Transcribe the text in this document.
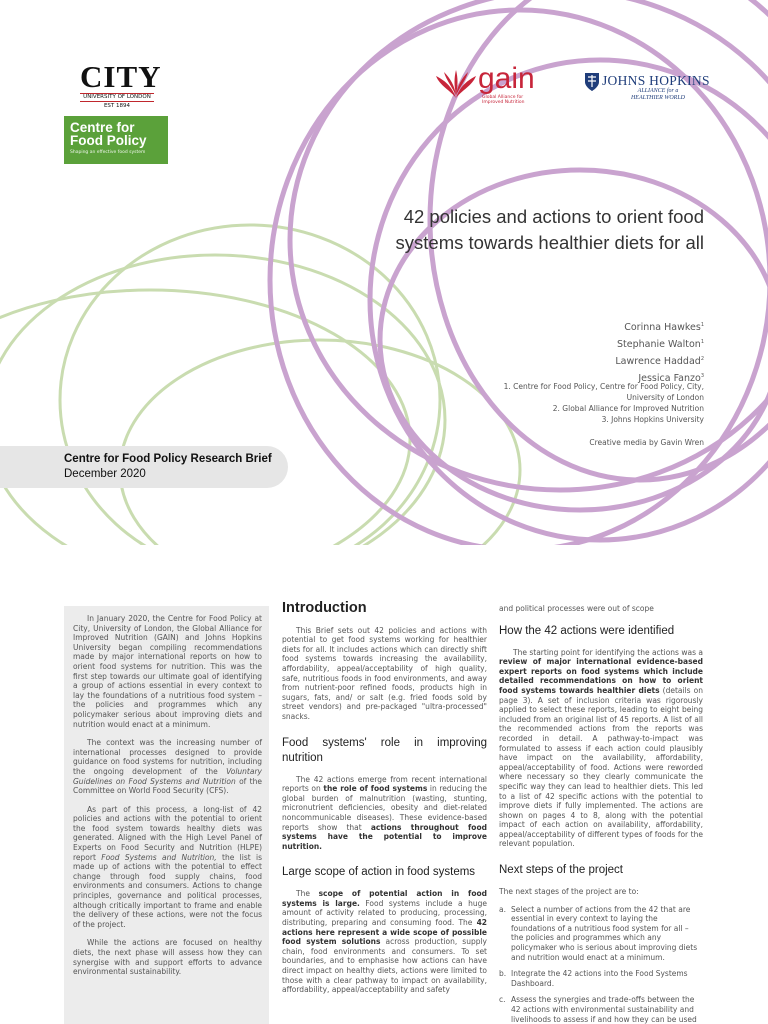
CITY
UNIVERSITY OF LONDON
EST 1894
Centre for
Food Policy
Shaping an effective food system
gain
Global Alliance for
Improved Nutrition
JOHNS HOPKINS
ALLIANCE for a
HEALTHIER WORLD
42 policies and actions to orient food
systems towards healthier diets for all
Corinna Hawkes$^1$
Stephanie Walton$^1$
Lawrence Haddad$^2$
Jessica Fanzo$^3$
1. Centre for Food Policy, Centre for Food Policy, City,
University of London
2. Global Alliance for Improved Nutrition
3. Johns Hopkins University
Creative media by Gavin Wren
Centre for Food Policy Research Brief
December 2020

In January 2020, the Centre for Food Policy at City, University of London, the Global Alliance for Improved Nutrition (GAIN) and Johns Hopkins University began compiling recommendations made by major international reports on how to orient food systems for nutrition. This was the first step towards our ultimate goal of identifying a group of actions essential in every context to lay the foundations of a nutritious food system – the policies and programmes which any policymaker serious about improving diets and nutrition would enact at a minimum.

The context was the increasing number of international processes designed to provide guidance on food systems for nutrition, including the ongoing development of the Voluntary Guidelines on Food Systems and Nutrition of the Committee on World Food Security (CFS).

As part of this process, a long-list of 42 policies and actions with the potential to orient the food system towards healthy diets was generated. Aligned with the High Level Panel of Experts on Food Security and Nutrition (HLPE) report Food Systems and Nutrition, the list is made up of actions with the potential to effect change through food supply chains, food environments and consumers. Actions to change principles, governance and political processes, although critically important to frame and enable the delivery of these actions, were not the focus of the project.

While the actions are focused on healthy diets, the next phase will assess how they can synergise with and support efforts to advance environmental sustainability.

Introduction

This Brief sets out 42 policies and actions with potential to get food systems working for healthier diets for all. It includes actions which can directly shift food systems towards increasing the availability, affordability, appeal/acceptability of high quality, safe, nutritious foods in food environments, and away from nutrient-poor refined foods, products high in sugars, fats, and/ or salt (e.g. fried foods sold by street vendors) and pre-packaged "ultra-processed" snacks.

Food systems' role in improving nutrition

The 42 actions emerge from recent international reports on the role of food systems in reducing the global burden of malnutrition (wasting, stunting, micronutrient deficiencies, obesity and diet-related noncommunicable diseases). These evidence-based reports show that actions throughout food systems have the potential to improve nutrition.

Large scope of action in food systems

The scope of potential action in food systems is large. Food systems include a huge amount of activity related to producing, processing, distributing, preparing and consuming food. The 42 actions here represent a wide scope of possible food system solutions across production, supply chain, food environments and consumers. To set boundaries, and to emphasise how actions can have direct impact on healthy diets, actions were limited to those with a clear pathway to impact on availability, affordability, appeal/acceptability and safety

and political processes were out of scope

How the 42 actions were identified

The starting point for identifying the actions was a review of major international evidence-based expert reports on food systems which include detailed recommendations on how to orient food systems towards healthier diets (details on page 3). A set of inclusion criteria was rigorously applied to select these reports, leading to eight being included from an original list of 45 reports. A list of all the recommended actions from the reports was recorded in detail. A pathway-to-impact was formulated to assess if each action could plausibly have impact on the availability, affordability, appeal/acceptability of food. Actions were reworded where necessary so they clearly communicate the specific way they can lead to healthier diets. This led to a list of 42 specific actions with the potential to improve diets if fully implemented. The actions are shown on pages 4 to 8, along with the potential impact of each action on availability, affordability, appeal/acceptability of different types of foods for the relevant population.

Next steps of the project

The next stages of the project are to:

a. Select a number of actions from the 42 that are essential in every context to laying the foundations of a nutritious food system for all – the policies and programmes which any policymaker who is serious about improving diets and nutrition would enact at a minimum.
b. Integrate the 42 actions into the Food Systems Dashboard.
c. Assess the synergies and trade-offs between the 42 actions with environmental sustainability and livelihoods to assess if and how they can be used
